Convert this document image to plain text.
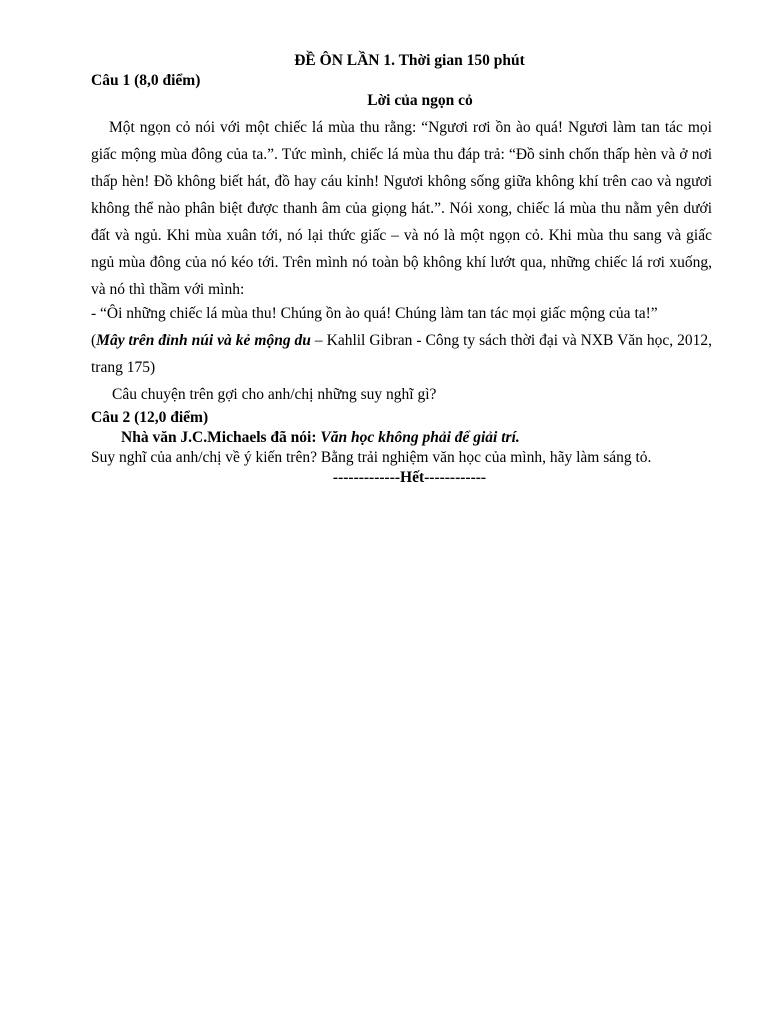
ĐỀ ÔN LẦN 1. Thời gian 150 phút

Câu 1 (8,0 điểm)

Lời của ngọn cỏ

Một ngọn cỏ nói với một chiếc lá mùa thu rằng: “Ngươi rơi ồn ào quá! Ngươi làm tan tác mọi giấc mộng mùa đông của ta.”. Tức mình, chiếc lá mùa thu đáp trả: “Đồ sinh chốn thấp hèn và ở nơi thấp hèn! Đồ không biết hát, đồ hay cáu kỉnh! Ngươi không sống giữa không khí trên cao và ngươi không thể nào phân biệt được thanh âm của giọng hát.”. Nói xong, chiếc lá mùa thu nằm yên dưới đất và ngủ. Khi mùa xuân tới, nó lại thức giấc – và nó là một ngọn cỏ. Khi mùa thu sang và giấc ngủ mùa đông của nó kéo tới. Trên mình nó toàn bộ không khí lướt qua, những chiếc lá rơi xuống, và nó thì thầm với mình:

- “Ôi những chiếc lá mùa thu! Chúng ồn ào quá! Chúng làm tan tác mọi giấc mộng của ta!”

(Mây trên đỉnh núi và kẻ mộng du – Kahlil Gibran - Công ty sách thời đại và NXB Văn học, 2012, trang 175)

Câu chuyện trên gợi cho anh/chị những suy nghĩ gì?

Câu 2 (12,0 điểm)

Nhà văn J.C.Michaels đã nói: Văn học không phải để giải trí.

Suy nghĩ của anh/chị về ý kiến trên? Bằng trải nghiệm văn học của mình, hãy làm sáng tỏ.

-------------Hết------------
